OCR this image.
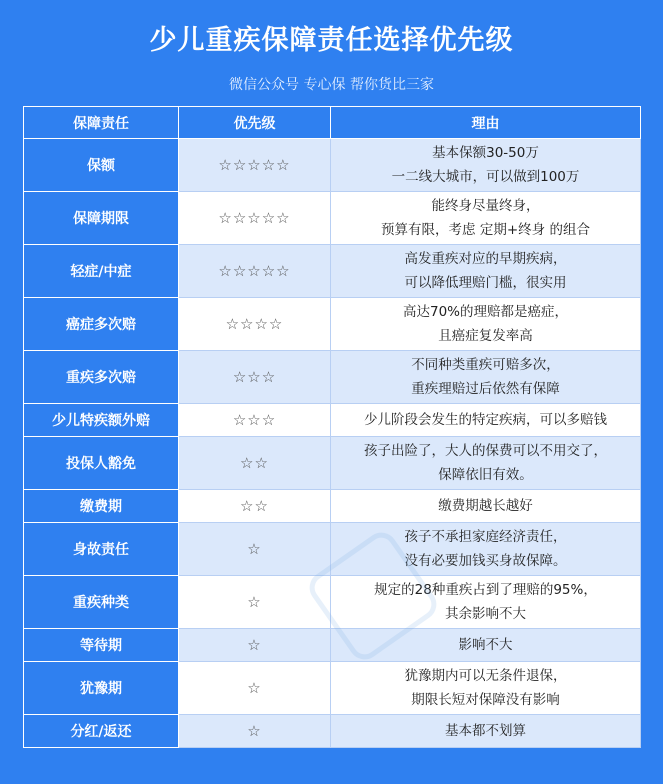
少儿重疾保障责任选择优先级
微信公众号 专心保 帮你货比三家
保障责任	优先级	理由
保额	☆☆☆☆☆	基本保额30-50万
一二线大城市，可以做到100万

保障期限	☆☆☆☆☆	能终身尽量终身，
预算有限，考虑 定期+终身 的组合

轻症/中症	☆☆☆☆☆	高发重疾对应的早期疾病，
可以降低理赔门槛，很实用

癌症多次赔	☆☆☆☆	高达70%的理赔都是癌症，
且癌症复发率高

重疾多次赔	☆☆☆	不同种类重疾可赔多次，
重疾理赔过后依然有保障

少儿特疾额外赔	☆☆☆	少儿阶段会发生的特定疾病，可以多赔钱

投保人豁免	☆☆	孩子出险了，大人的保费可以不用交了，
保障依旧有效。

缴费期	☆☆	缴费期越长越好

身故责任	☆	孩子不承担家庭经济责任，
没有必要加钱买身故保障。

重疾种类	☆	规定的28种重疾占到了理赔的95%，
其余影响不大

等待期	☆	影响不大

犹豫期	☆	犹豫期内可以无条件退保，
期限长短对保障没有影响

分红/返还	☆	基本都不划算
